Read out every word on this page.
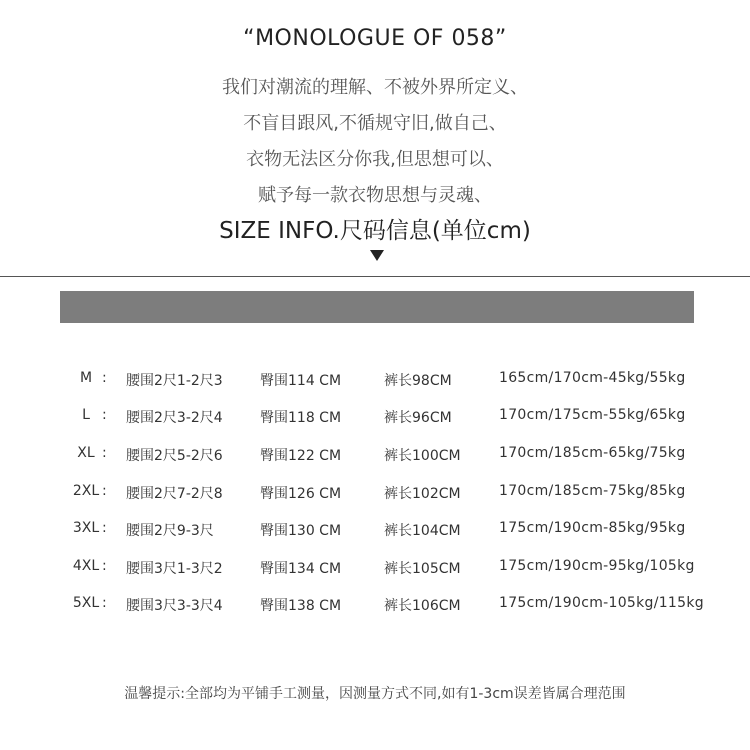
“MONOLOGUE OF 058”
我们对潮流的理解、不被外界所定义、
不盲目跟风,不循规守旧,做自己、
衣物无法区分你我,但思想可以、
赋予每一款衣物思想与灵魂、
SIZE INFO.尺码信息(单位cm)
M : 腰围2尺1-2尺3	臀围114 CM	裤长98CM	165cm/170cm-45kg/55kg
L : 腰围2尺3-2尺4	臀围118 CM	裤长96CM	170cm/175cm-55kg/65kg
XL : 腰围2尺5-2尺6	臀围122 CM	裤长100CM	170cm/185cm-65kg/75kg
2XL : 腰围2尺7-2尺8	臀围126 CM	裤长102CM	170cm/185cm-75kg/85kg
3XL : 腰围2尺9-3尺	臀围130 CM	裤长104CM	175cm/190cm-85kg/95kg
4XL : 腰围3尺1-3尺2	臀围134 CM	裤长105CM	175cm/190cm-95kg/105kg
5XL : 腰围3尺3-3尺4	臀围138 CM	裤长106CM	175cm/190cm-105kg/115kg
温馨提示:全部均为平铺手工测量，因测量方式不同,如有1-3cm误差皆属合理范围
